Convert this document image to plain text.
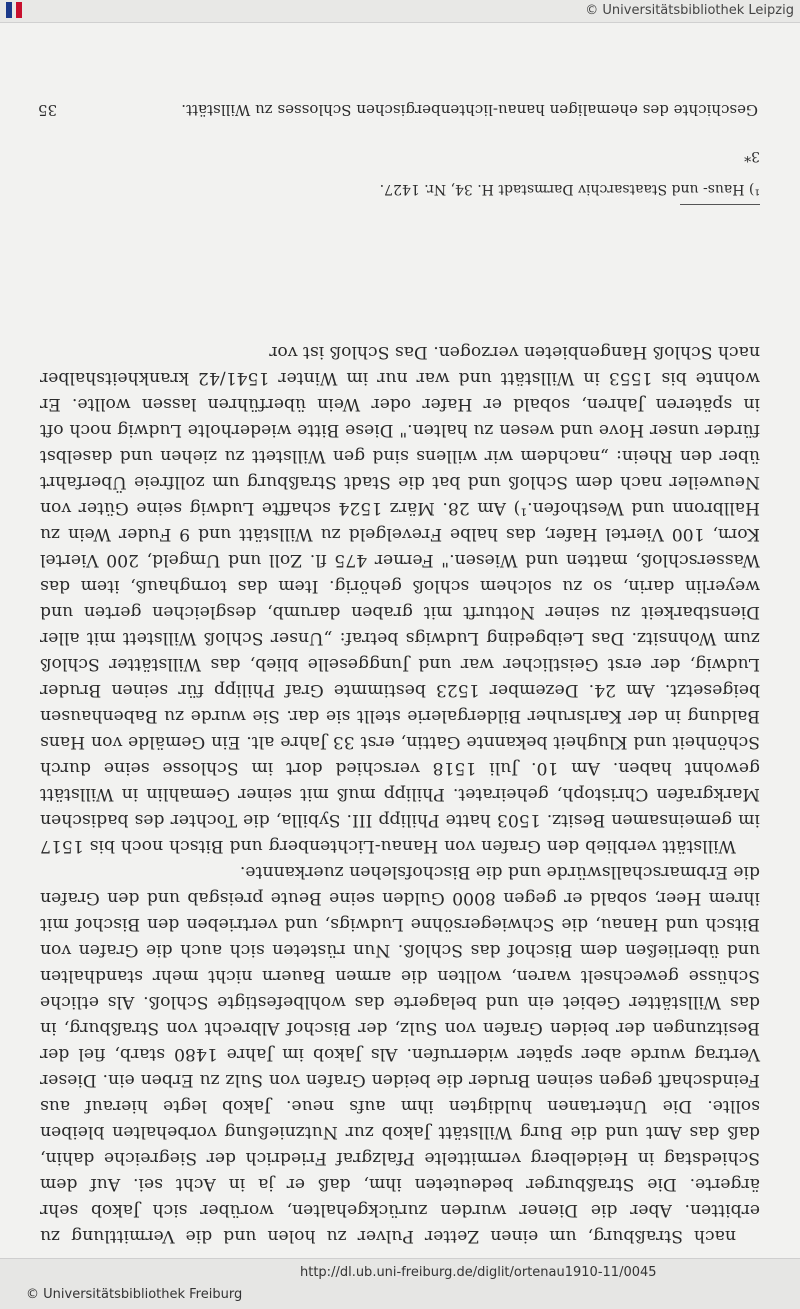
© Universitätsbibliothek Leipzig
Geschichte des ehemaligen hanau-lichtenbergischen Schlosses zu Willstätt.
35

nach Straßburg, um einen Zetter Pulver zu holen und die Vermittlung zu erbitten. Aber die Diener wurden zurückgehalten, worüber sich Jakob sehr ärgerte. Die Straßburger bedeuteten ihm, daß er ja in Acht sei. Auf dem Schiedstag in Heidelberg vermittelte Pfalzgraf Friedrich der Siegreiche dahin, daß das Amt und die Burg Willstätt Jakob zur Nutznießung vorbehalten bleiben sollte. Die Untertanen huldigten ihm aufs neue. Jakob legte hierauf aus Feindschaft gegen seinen Bruder die beiden Grafen von Sulz zu Erben ein. Dieser Vertrag wurde aber später widerrufen. Als Jakob im Jahre 1480 starb, fiel der Besitzungen der beiden Grafen von Sulz, der Bischof Albrecht von Straßburg, in das Willstätter Gebiet ein und belagerte das wohlbefestigte Schloß. Als etliche Schüsse gewechselt waren, wollten die armen Bauern nicht mehr standhalten und überließen dem Bischof das Schloß. Nun rüsteten sich auch die Grafen von Bitsch und Hanau, die Schwiegersöhne Ludwigs, und vertrieben den Bischof mit ihrem Heer, sobald er gegen 8000 Gulden seine Beute preisgab und den Grafen die Erbmarschallswürde und die Bischofslehen zuerkannte.

Willstätt verblieb den Grafen von Hanau-Lichtenberg und Bitsch noch bis 1517 im gemeinsamen Besitz. 1503 hatte Philipp III. Sybilla, die Tochter des badischen Markgrafen Christoph, geheiratet. Philipp muß mit seiner Gemahlin in Willstätt gewohnt haben. Am 10. Juli 1518 verschied dort im Schlosse seine durch Schönheit und Klugheit bekannte Gattin, erst 33 Jahre alt. Ein Gemälde von Hans Baldung in der Karlsruher Bildergalerie stellt sie dar. Sie wurde zu Babenhausen beigesetzt. Am 24. Dezember 1523 bestimmte Graf Philipp für seinen Bruder Ludwig, der erst Geistlicher war und Junggeselle blieb, das Willstätter Schloß zum Wohnsitz. Das Leibgeding Ludwigs betraf: „Unser Schloß Willstett mit aller Dienstbarkeit zu seiner Notturft mit graben darumb, desgleichen gerten und weyerlin darin, so zu solchem schloß gehörig. Item das tornghauß, item das Wasserschloß, matten und Wiesen." Ferner 475 fl. Zoll und Umgeld, 200 Viertel Korn, 100 Viertel Hafer, das halbe Frevelgeld zu Willstätt und 9 Fuder Wein zu Hallbronn und Westhofen.¹) Am 28. März 1524 schaffte Ludwig seine Güter von Neuweiler nach dem Schloß und bat die Stadt Straßburg um zollfreie Überfahrt über den Rhein: „nachdem wir willens sind gen Willstett zu ziehen und daselbst fürder unser Hove und wesen zu halten." Diese Bitte wiederholte Ludwig noch oft in späteren Jahren, sobald er Hafer oder Wein überführen lassen wollte. Er wohnte bis 1553 in Willstätt und war nur im Winter 1541/42 krankheitshalber nach Schloß Hangenbieten verzogen. Das Schloß ist vor

¹) Haus- und Staatsarchiv Darmstadt H. 34, Nr. 1427.
3*
http://dl.ub.uni-freiburg.de/diglit/ortenau1910-11/0045
© Universitätsbibliothek Freiburg
